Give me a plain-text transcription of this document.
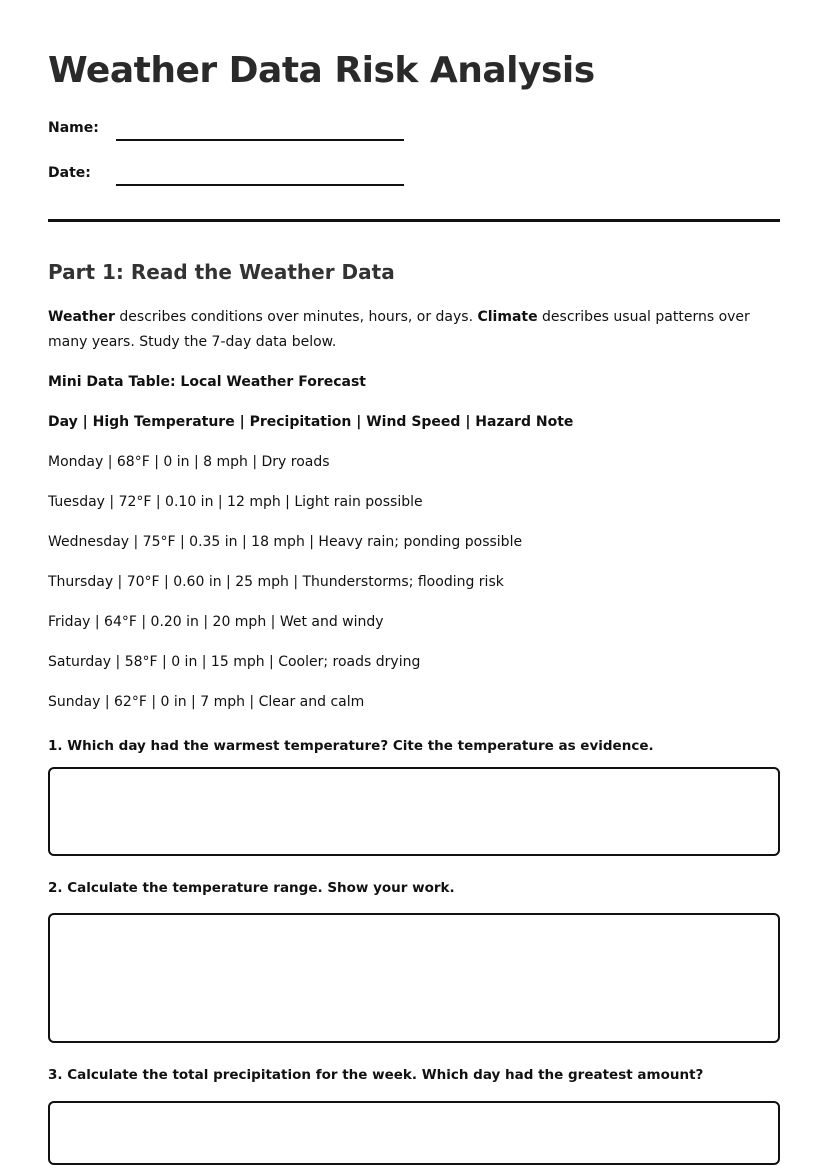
Weather Data Risk Analysis
Name:
Date:
Part 1: Read the Weather Data

Weather describes conditions over minutes, hours, or days. Climate describes usual patterns over many years. Study the 7-day data below.

Mini Data Table: Local Weather Forecast

Day | High Temperature | Precipitation | Wind Speed | Hazard Note

Monday | 68°F | 0 in | 8 mph | Dry roads

Tuesday | 72°F | 0.10 in | 12 mph | Light rain possible

Wednesday | 75°F | 0.35 in | 18 mph | Heavy rain; ponding possible

Thursday | 70°F | 0.60 in | 25 mph | Thunderstorms; flooding risk

Friday | 64°F | 0.20 in | 20 mph | Wet and windy

Saturday | 58°F | 0 in | 15 mph | Cooler; roads drying

Sunday | 62°F | 0 in | 7 mph | Clear and calm

1. Which day had the warmest temperature? Cite the temperature as evidence.

2. Calculate the temperature range. Show your work.

3. Calculate the total precipitation for the week. Which day had the greatest amount?
